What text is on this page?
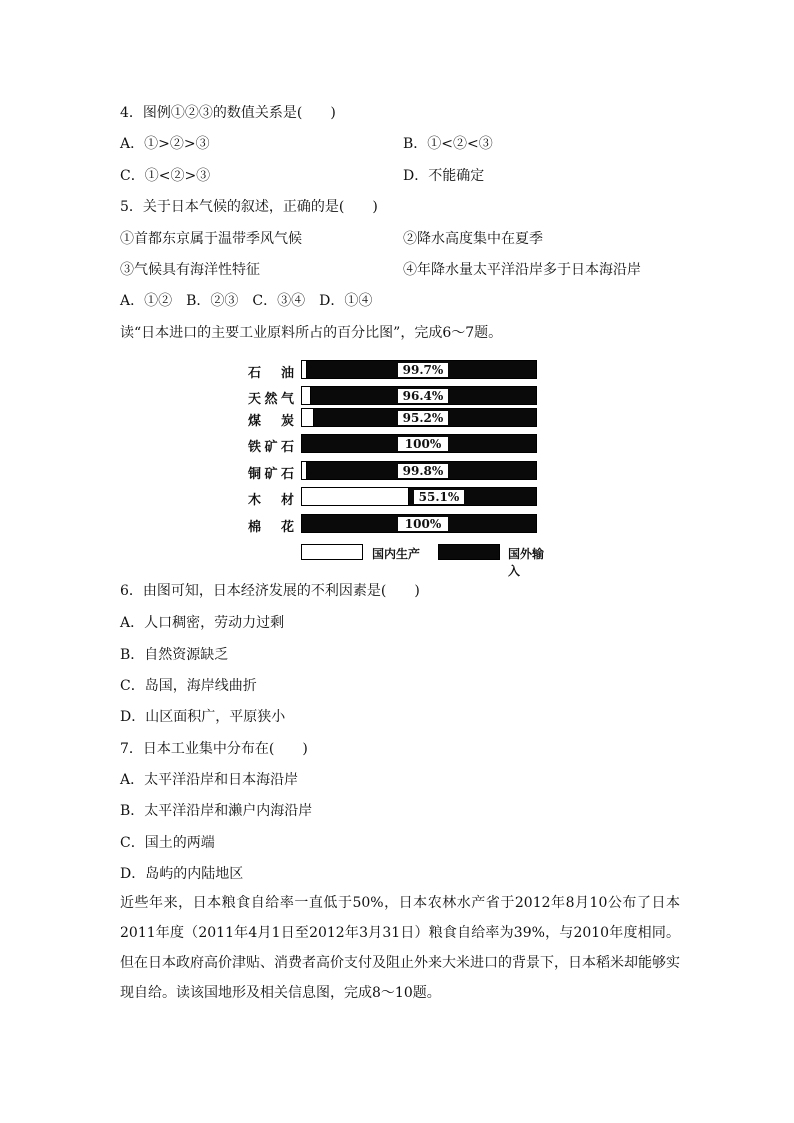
4．图例①②③的数值关系是(　　)
A．①>②>③	B．①<②<③
C．①<②>③	D．不能确定
5．关于日本气候的叙述，正确的是(　　)
①首都东京属于温带季风气候	②降水高度集中在夏季
③气候具有海洋性特征	④年降水量太平洋沿岸多于日本海沿岸
A．①②　B．②③　C．③④　D．①④
读“日本进口的主要工业原料所占的百分比图”，完成6～7题。
石　油	99.7%
天然气	96.4%
煤　炭	95.2%
铁矿石	100%
铜矿石	99.8%
木　材	55.1%
棉　花	100%
国内生产	国外输入
6．由图可知，日本经济发展的不利因素是(　　)
A．人口稠密，劳动力过剩
B．自然资源缺乏
C．岛国，海岸线曲折
D．山区面积广，平原狭小
7．日本工业集中分布在(　　)
A．太平洋沿岸和日本海沿岸
B．太平洋沿岸和濑户内海沿岸
C．国土的两端
D．岛屿的内陆地区
近些年来，日本粮食自给率一直低于50%，日本农林水产省于2012年8月10公布了日本2011年度（2011年4月1日至2012年3月31日）粮食自给率为39%，与2010年度相同。但在日本政府高价津贴、消费者高价支付及阻止外来大米进口的背景下，日本稻米却能够实现自给。读该国地形及相关信息图，完成8～10题。
